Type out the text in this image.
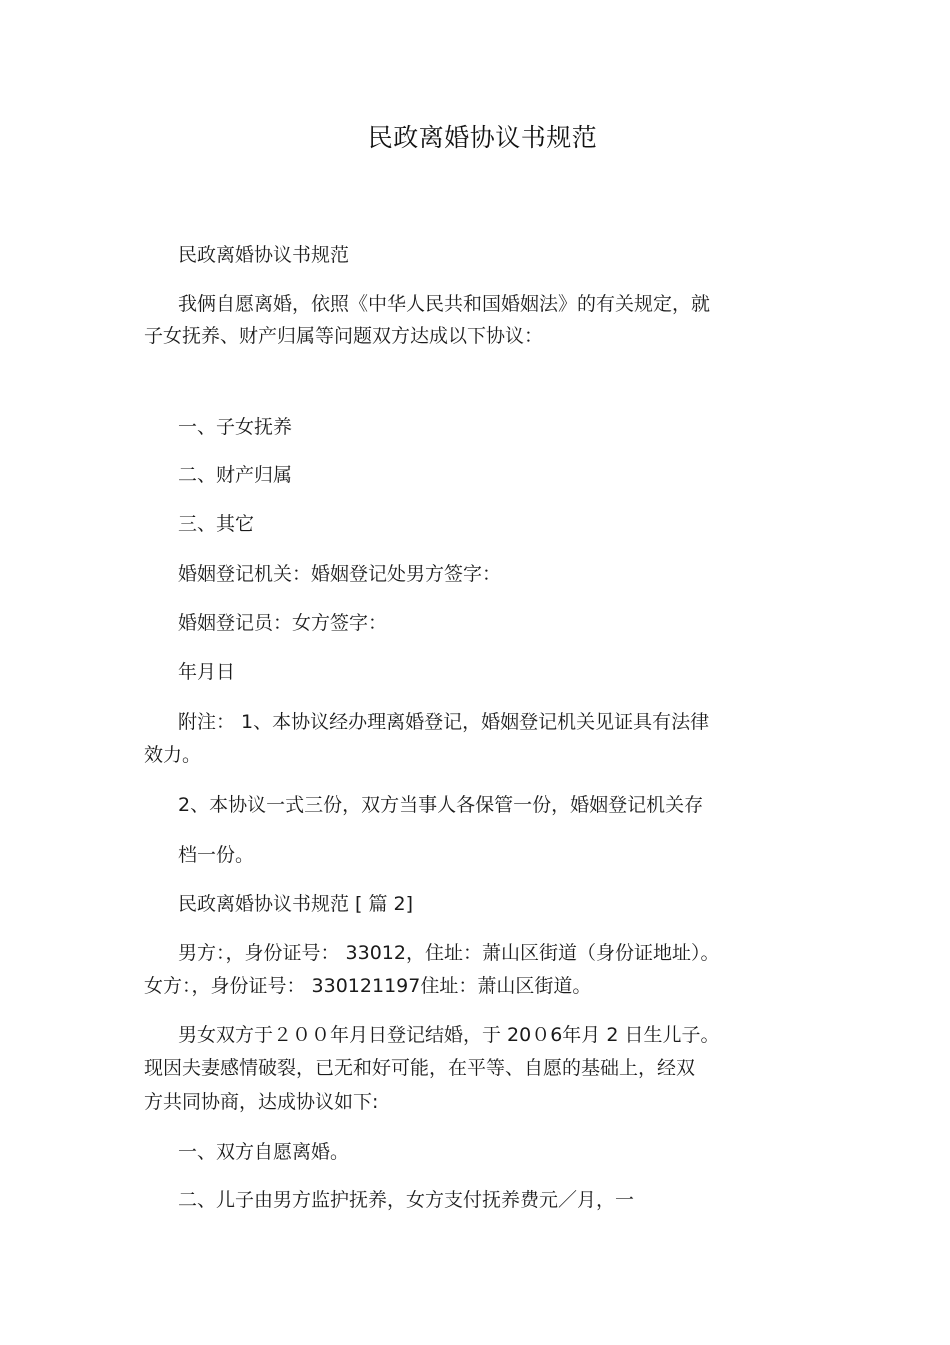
民政离婚协议书规范
民政离婚协议书规范
我俩自愿离婚，依照《中华人民共和国婚姻法》的有关规定，就
子女抚养、财产归属等问题双方达成以下协议：
一、子女抚养
二、财产归属
三、其它
婚姻登记机关：婚姻登记处男方签字：
婚姻登记员：女方签字：
年月日
附注： 1、本协议经办理离婚登记，婚姻登记机关见证具有法律
效力。
2、本协议一式三份，双方当事人各保管一份，婚姻登记机关存
档一份。
民政离婚协议书规范 [ 篇 2]
男方：，身份证号： 33012，住址：萧山区街道（身份证地址）。
女方：，身份证号： 330121197住址：萧山区街道。
男女双方于２００年月日登记结婚，于 20０6年月 2 日生儿子。
现因夫妻感情破裂，已无和好可能，在平等、自愿的基础上，经双
方共同协商，达成协议如下:
一、双方自愿离婚。
二、儿子由男方监护抚养，女方支付抚养费元／月，一
